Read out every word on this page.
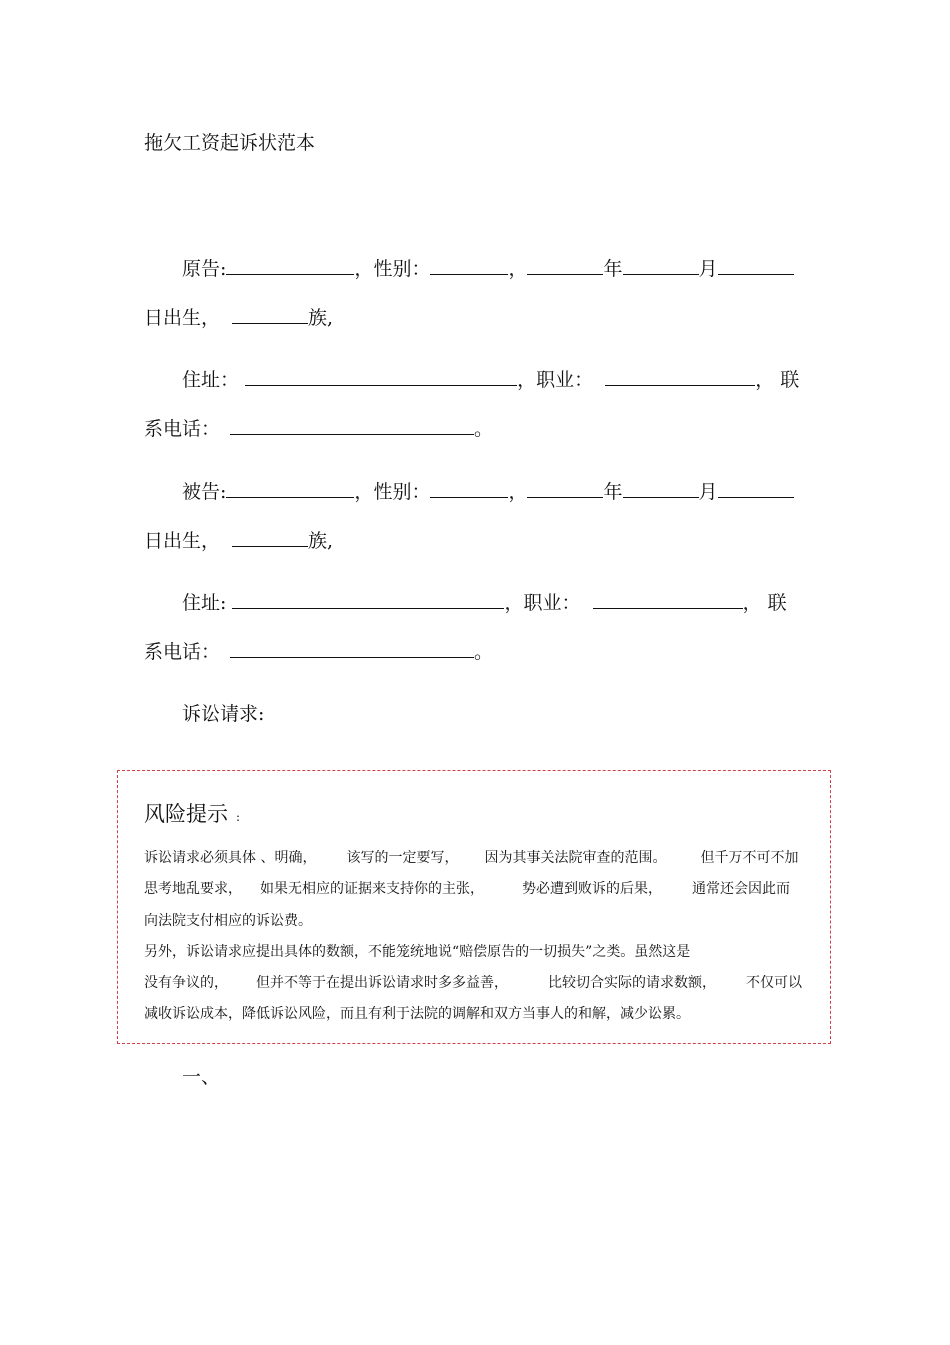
拖欠工资起诉状范本
原告:	，性别：	，	年	月
日出生，	族,
住址：	，职业：	， 联
系电话：	。
被告:	，性别：	，	年	月
日出生，	族,
住址:	，职业：	， 联
系电话：	。
诉讼请求:
风险提示 :
诉讼请求必须具体 、明确， 该写的一定要写， 因为其事关法院审查的范围。 但千万不可不加
思考地乱要求， 如果无相应的证据来支持你的主张，	势必遭到败诉的后果， 通常还会因此而
向法院支付相应的诉讼费。
另外，诉讼请求应提出具体的数额，不能笼统地说“赔偿原告的一切损失”之类。虽然这是
没有争议的， 但并不等于在提出诉讼请求时多多益善，	比较切合实际的请求数额， 不仅可以
减收诉讼成本，降低诉讼风险，而且有利于法院的调解和双方当事人的和解，减少讼累。
一、
